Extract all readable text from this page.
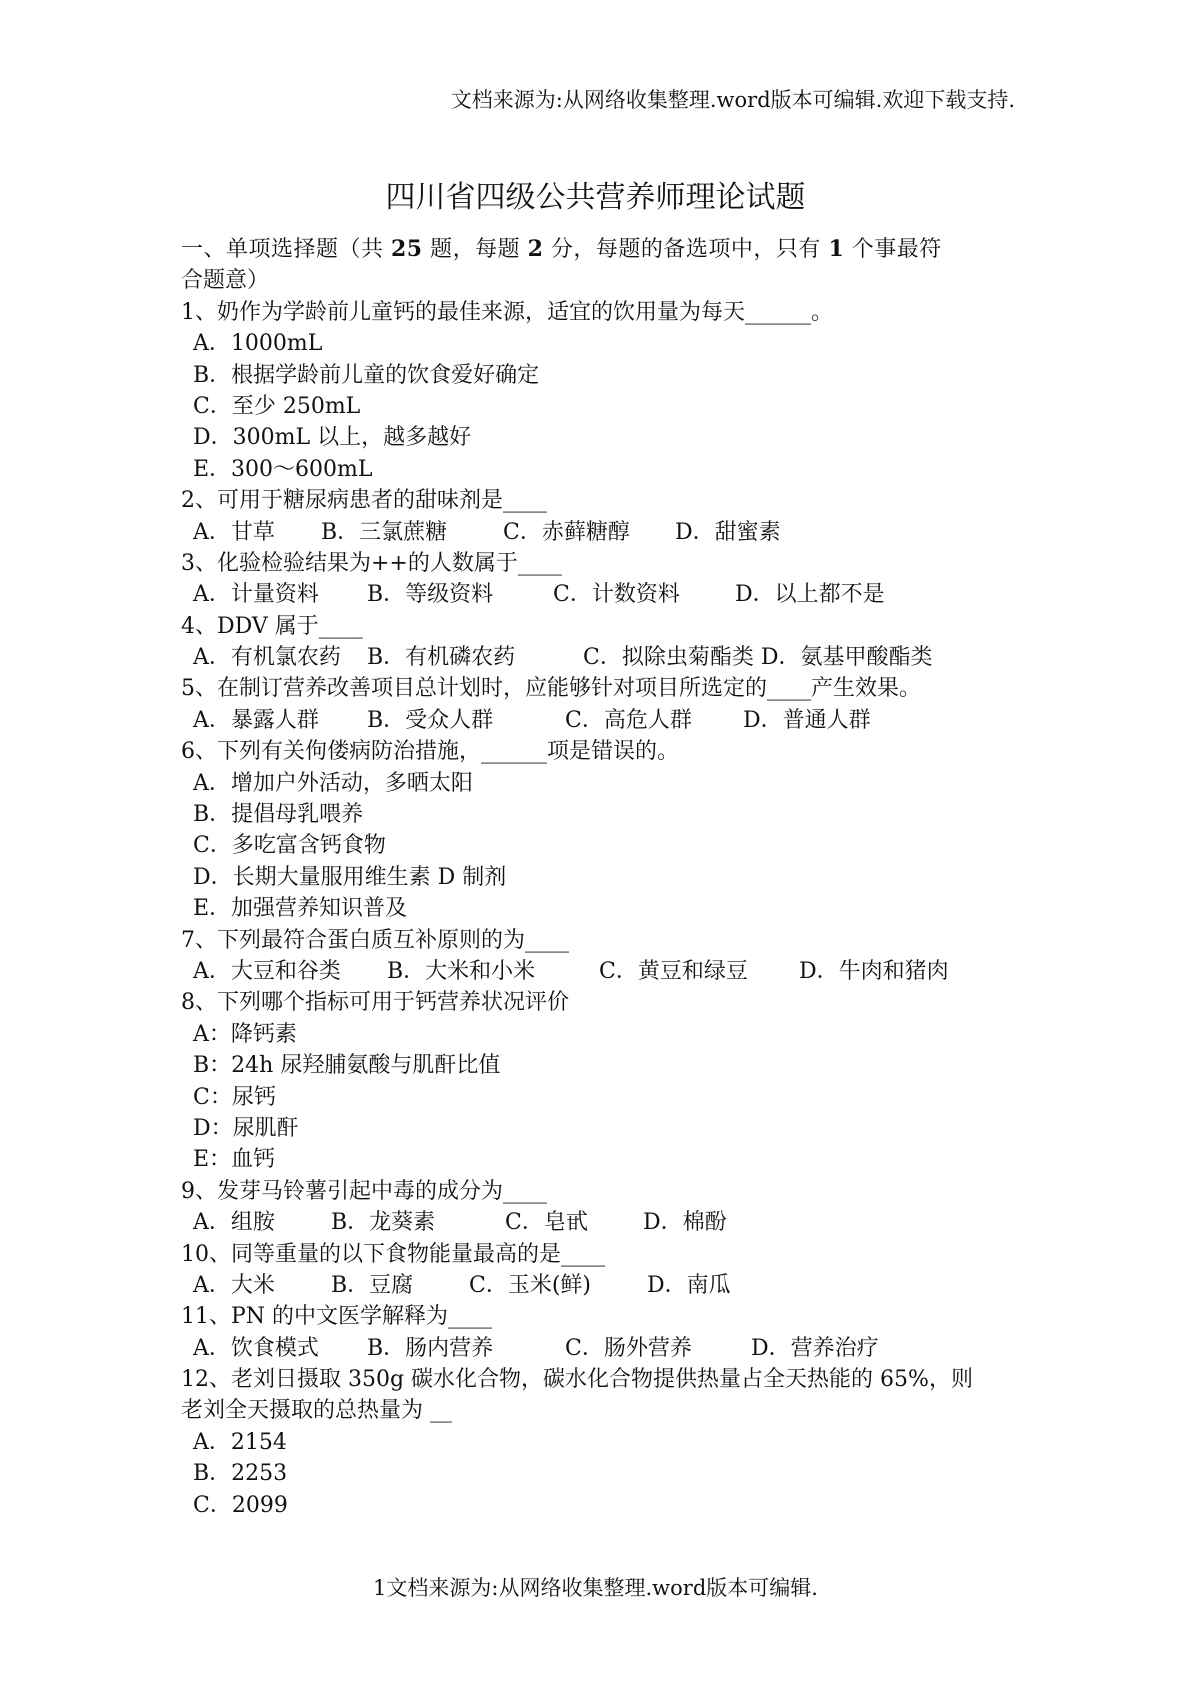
文档来源为:从网络收集整理.word版本可编辑.欢迎下载支持.
四川省四级公共营养师理论试题
一、单项选择题（共 25 题，每题 2 分，每题的备选项中，只有 1 个事最符
合题意）
1、奶作为学龄前儿童钙的最佳来源，适宜的饮用量为每天______。
A．1000mL
B．根据学龄前儿童的饮食爱好确定
C．至少 250mL
D．300mL 以上，越多越好
E．300～600mL
2、可用于糖尿病患者的甜味剂是____
A．甘草	B．三氯蔗糖	C．赤藓糖醇	D．甜蜜素
3、化验检验结果为++的人数属于____
A．计量资料	B．等级资料	C．计数资料	D．以上都不是
4、DDV 属于____
A．有机氯农药	B．有机磷农药	C．拟除虫菊酯类 D．氨基甲酸酯类
5、在制订营养改善项目总计划时，应能够针对项目所选定的____产生效果。
A．暴露人群	B．受众人群	C．高危人群	D．普通人群
6、下列有关佝偻病防治措施，______项是错误的。
A．增加户外活动，多晒太阳
B．提倡母乳喂养
C．多吃富含钙食物
D．长期大量服用维生素 D 制剂
E．加强营养知识普及
7、下列最符合蛋白质互补原则的为____
A．大豆和谷类	B．大米和小米	C．黄豆和绿豆	D．牛肉和猪肉
8、下列哪个指标可用于钙营养状况评价
A：降钙素
B：24h 尿羟脯氨酸与肌酐比值
C：尿钙
D：尿肌酐
E：血钙
9、发芽马铃薯引起中毒的成分为____
A．组胺	B．龙葵素	C．皂甙	D．棉酚
10、同等重量的以下食物能量最高的是____
A．大米	B．豆腐	C．玉米(鲜)	D．南瓜
11、PN 的中文医学解释为____
A．饮食模式	B．肠内营养	C．肠外营养	D．营养治疗
12、老刘日摄取 350g 碳水化合物，碳水化合物提供热量占全天热能的 65%，则
老刘全天摄取的总热量为 __
A．2154
B．2253
C．2099
1文档来源为:从网络收集整理.word版本可编辑.
